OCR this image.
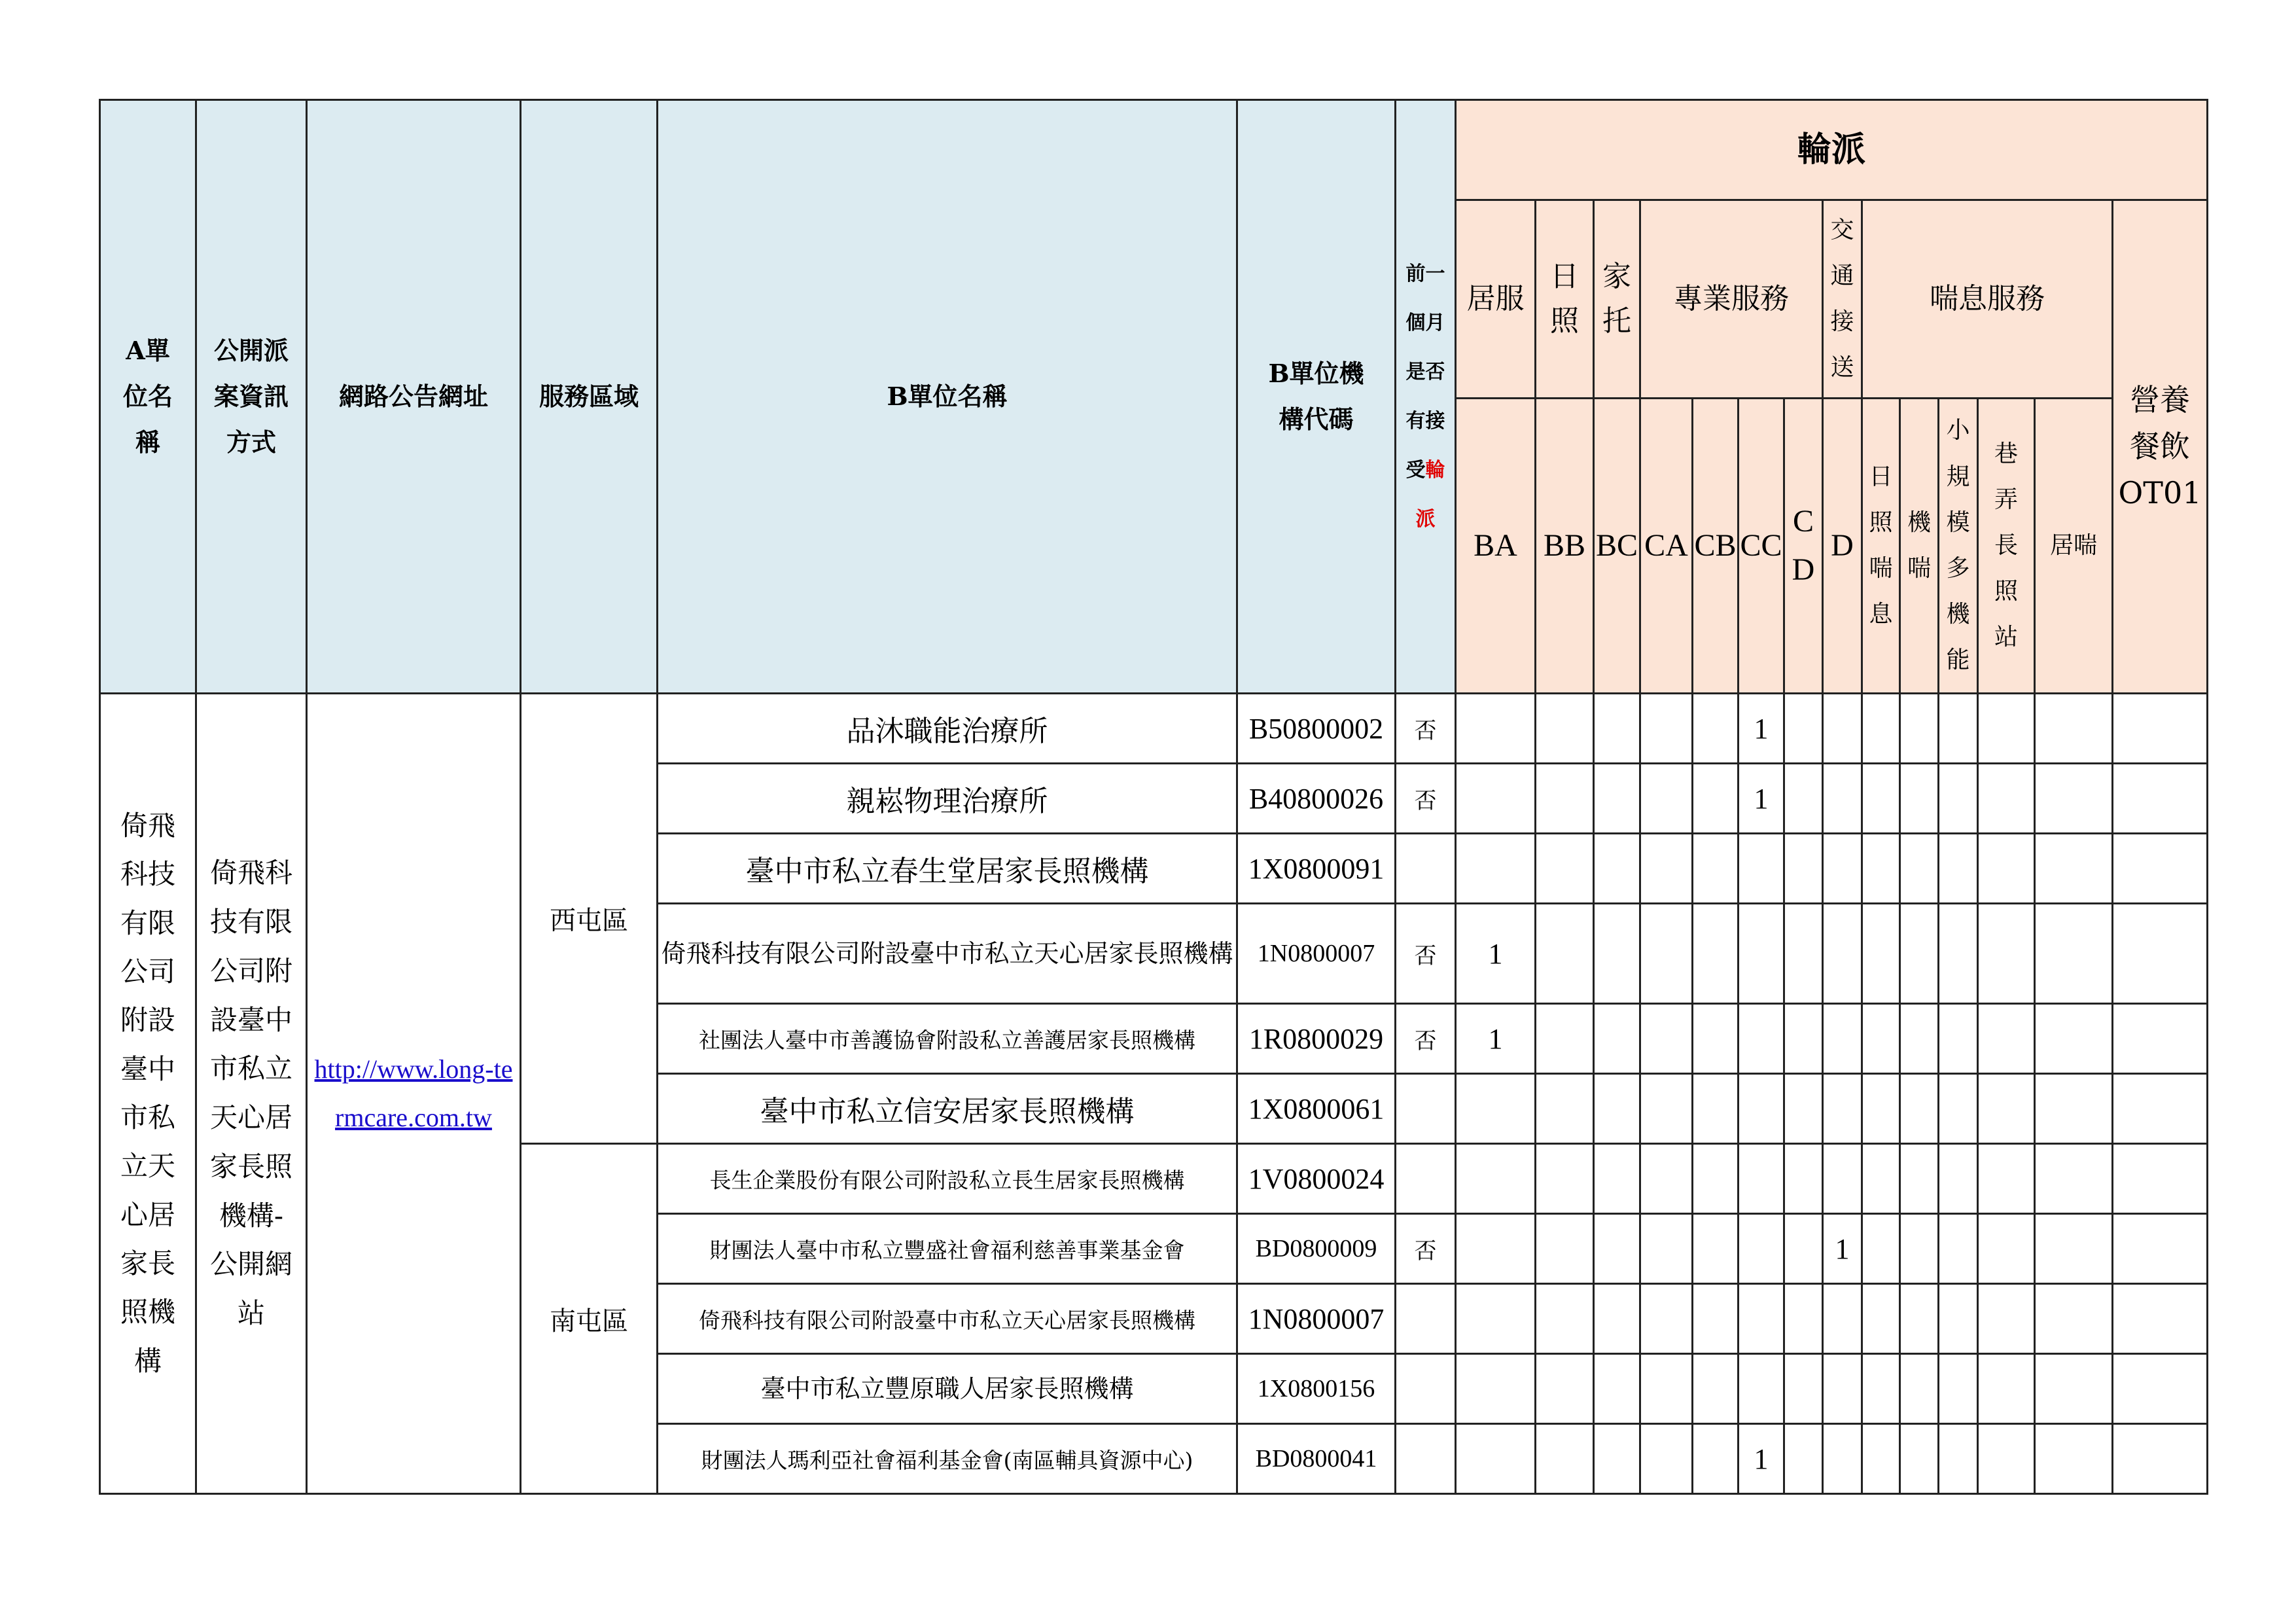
A單位名稱	公開派案資訊方式	網路公告網址	服務區域	B單位名稱	B單位機構代碼	前一個月是否有接受輪派	輪派													
							居服	日照	家托	專業服務				交通接送	喘息服務					營養餐飲OT01
							BA	BB	BC	CA	CB	CC	CD	D	日照喘息	機喘	小規模多機能	巷弄長照站	居喘	
倚飛科技有限公司附設臺中市私立天心居家長照機構	倚飛科技有限公司附設臺中市私立天心居家長照機構-公開網站	http://www.long-termcare.com.tw	西屯區	品沐職能治療所	B50800002	否						1								
				親崧物理治療所	B40800026	否						1								
				臺中市私立春生堂居家長照機構	1X0800091															
				倚飛科技有限公司附設臺中市私立天心居家長照機構	1N0800007	否	1													
				社團法人臺中市善護協會附設私立善護居家長照機構	1R0800029	否	1													
				臺中市私立信安居家長照機構	1X0800061															
			南屯區	長生企業股份有限公司附設私立長生居家長照機構	1V0800024															
				財團法人臺中市私立豐盛社會福利慈善事業基金會	BD0800009	否								1						
				倚飛科技有限公司附設臺中市私立天心居家長照機構	1N0800007															
				臺中市私立豐原職人居家長照機構	1X0800156															
				財團法人瑪利亞社會福利基金會(南區輔具資源中心)	BD0800041							1								
